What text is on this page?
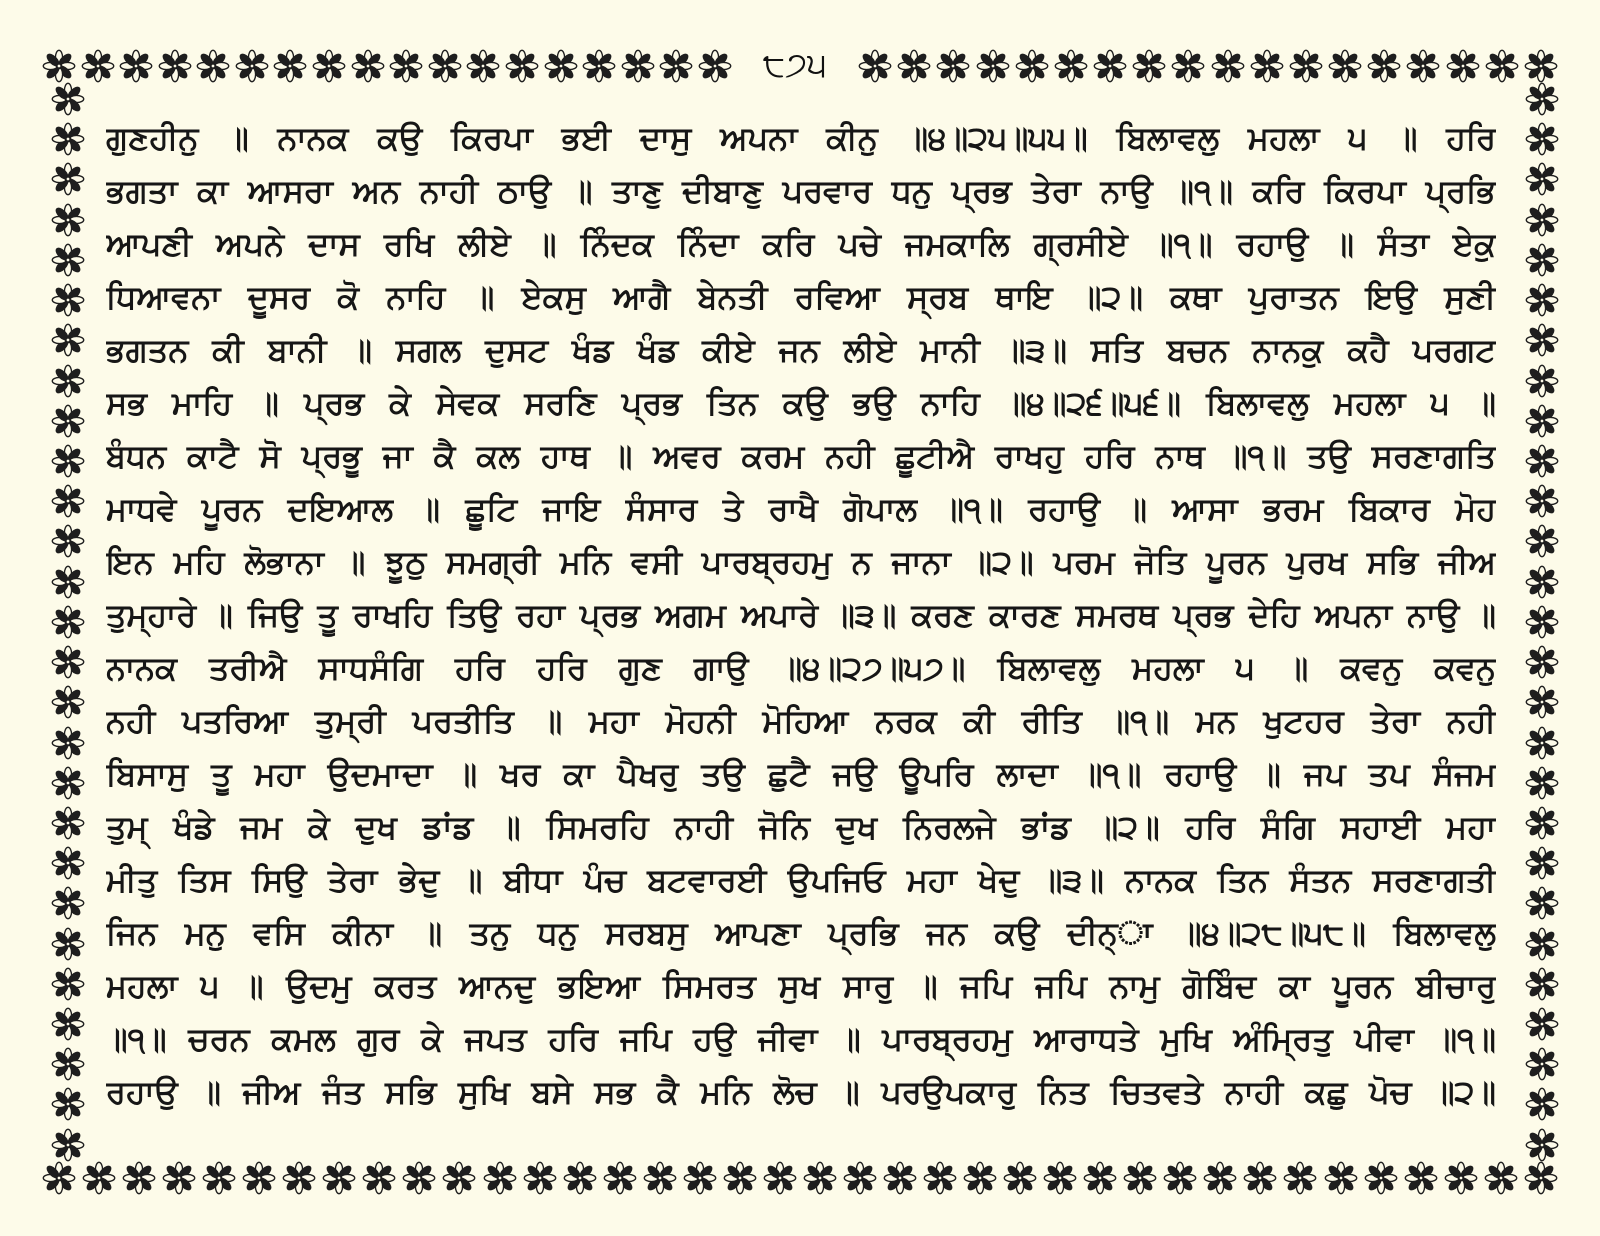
੮੭੫
ਗੁਣਹੀਨੁ ॥ ਨਾਨਕ ਕਉ ਕਿਰਪਾ ਭਈ ਦਾਸੁ ਅਪਨਾ ਕੀਨੁ ॥੪॥੨੫॥੫੫॥ ਬਿਲਾਵਲੁ ਮਹਲਾ ੫ ॥ ਹਰਿ
ਭਗਤਾ ਕਾ ਆਸਰਾ ਅਨ ਨਾਹੀ ਠਾਉ ॥ ਤਾਣੁ ਦੀਬਾਣੁ ਪਰਵਾਰ ਧਨੁ ਪ੍ਰਭ ਤੇਰਾ ਨਾਉ ॥੧॥ ਕਰਿ ਕਿਰਪਾ ਪ੍ਰਭਿ
ਆਪਣੀ ਅਪਨੇ ਦਾਸ ਰਖਿ ਲੀਏ ॥ ਨਿੰਦਕ ਨਿੰਦਾ ਕਰਿ ਪਚੇ ਜਮਕਾਲਿ ਗ੍ਰਸੀਏ ॥੧॥ ਰਹਾਉ ॥ ਸੰਤਾ ਏਕੁ
ਧਿਆਵਨਾ ਦੂਸਰ ਕੋ ਨਾਹਿ ॥ ਏਕਸੁ ਆਗੈ ਬੇਨਤੀ ਰਵਿਆ ਸ੍ਰਬ ਥਾਇ ॥੨॥ ਕਥਾ ਪੁਰਾਤਨ ਇਉ ਸੁਣੀ
ਭਗਤਨ ਕੀ ਬਾਨੀ ॥ ਸਗਲ ਦੁਸਟ ਖੰਡ ਖੰਡ ਕੀਏ ਜਨ ਲੀਏ ਮਾਨੀ ॥੩॥ ਸਤਿ ਬਚਨ ਨਾਨਕੁ ਕਹੈ ਪਰਗਟ
ਸਭ ਮਾਹਿ ॥ ਪ੍ਰਭ ਕੇ ਸੇਵਕ ਸਰਣਿ ਪ੍ਰਭ ਤਿਨ ਕਉ ਭਉ ਨਾਹਿ ॥੪॥੨੬॥੫੬॥ ਬਿਲਾਵਲੁ ਮਹਲਾ ੫ ॥
ਬੰਧਨ ਕਾਟੈ ਸੋ ਪ੍ਰਭੂ ਜਾ ਕੈ ਕਲ ਹਾਥ ॥ ਅਵਰ ਕਰਮ ਨਹੀ ਛੂਟੀਐ ਰਾਖਹੁ ਹਰਿ ਨਾਥ ॥੧॥ ਤਉ ਸਰਣਾਗਤਿ
ਮਾਧਵੇ ਪੂਰਨ ਦਇਆਲ ॥ ਛੂਟਿ ਜਾਇ ਸੰਸਾਰ ਤੇ ਰਾਖੈ ਗੋਪਾਲ ॥੧॥ ਰਹਾਉ ॥ ਆਸਾ ਭਰਮ ਬਿਕਾਰ ਮੋਹ
ਇਨ ਮਹਿ ਲੋਭਾਨਾ ॥ ਝੂਠੁ ਸਮਗ੍ਰੀ ਮਨਿ ਵਸੀ ਪਾਰਬ੍ਰਹਮੁ ਨ ਜਾਨਾ ॥੨॥ ਪਰਮ ਜੋਤਿ ਪੂਰਨ ਪੁਰਖ ਸਭਿ ਜੀਅ
ਤੁਮ੍ਹਾਰੇ ॥ ਜਿਉ ਤੂ ਰਾਖਹਿ ਤਿਉ ਰਹਾ ਪ੍ਰਭ ਅਗਮ ਅਪਾਰੇ ॥੩॥ ਕਰਣ ਕਾਰਣ ਸਮਰਥ ਪ੍ਰਭ ਦੇਹਿ ਅਪਨਾ ਨਾਉ ॥
ਨਾਨਕ ਤਰੀਐ ਸਾਧਸੰਗਿ ਹਰਿ ਹਰਿ ਗੁਣ ਗਾਉ ॥੪॥੨੭॥੫੭॥ ਬਿਲਾਵਲੁ ਮਹਲਾ ੫ ॥ ਕਵਨੁ ਕਵਨੁ
ਨਹੀ ਪਤਰਿਆ ਤੁਮ੍ਰੀ ਪਰਤੀਤਿ ॥ ਮਹਾ ਮੋਹਨੀ ਮੋਹਿਆ ਨਰਕ ਕੀ ਰੀਤਿ ॥੧॥ ਮਨ ਖੁਟਹਰ ਤੇਰਾ ਨਹੀ
ਬਿਸਾਸੁ ਤੂ ਮਹਾ ਉਦਮਾਦਾ ॥ ਖਰ ਕਾ ਪੈਖਰੁ ਤਉ ਛੁਟੈ ਜਉ ਊਪਰਿ ਲਾਦਾ ॥੧॥ ਰਹਾਉ ॥ ਜਪ ਤਪ ਸੰਜਮ
ਤੁਮ੍ ਖੰਡੇ ਜਮ ਕੇ ਦੁਖ ਡਾਂਡ ॥ ਸਿਮਰਹਿ ਨਾਹੀ ਜੋਨਿ ਦੁਖ ਨਿਰਲਜੇ ਭਾਂਡ ॥੨॥ ਹਰਿ ਸੰਗਿ ਸਹਾਈ ਮਹਾ
ਮੀਤੁ ਤਿਸ ਸਿਉ ਤੇਰਾ ਭੇਦੁ ॥ ਬੀਧਾ ਪੰਚ ਬਟਵਾਰਈ ਉਪਜਿਓ ਮਹਾ ਖੇਦੁ ॥੩॥ ਨਾਨਕ ਤਿਨ ਸੰਤਨ ਸਰਣਾਗਤੀ
ਜਿਨ ਮਨੁ ਵਸਿ ਕੀਨਾ ॥ ਤਨੁ ਧਨੁ ਸਰਬਸੁ ਆਪਣਾ ਪ੍ਰਭਿ ਜਨ ਕਉ ਦੀਨ੍ਾ ॥੪॥੨੮॥੫੮॥ ਬਿਲਾਵਲੁ
ਮਹਲਾ ੫ ॥ ਉਦਮੁ ਕਰਤ ਆਨਦੁ ਭਇਆ ਸਿਮਰਤ ਸੁਖ ਸਾਰੁ ॥ ਜਪਿ ਜਪਿ ਨਾਮੁ ਗੋਬਿੰਦ ਕਾ ਪੂਰਨ ਬੀਚਾਰੁ
॥੧॥ ਚਰਨ ਕਮਲ ਗੁਰ ਕੇ ਜਪਤ ਹਰਿ ਜਪਿ ਹਉ ਜੀਵਾ ॥ ਪਾਰਬ੍ਰਹਮੁ ਆਰਾਧਤੇ ਮੁਖਿ ਅੰਮ੍ਰਿਤੁ ਪੀਵਾ ॥੧॥
ਰਹਾਉ ॥ ਜੀਅ ਜੰਤ ਸਭਿ ਸੁਖਿ ਬਸੇ ਸਭ ਕੈ ਮਨਿ ਲੋਚ ॥ ਪਰਉਪਕਾਰੁ ਨਿਤ ਚਿਤਵਤੇ ਨਾਹੀ ਕਛੁ ਪੋਚ ॥੨॥
